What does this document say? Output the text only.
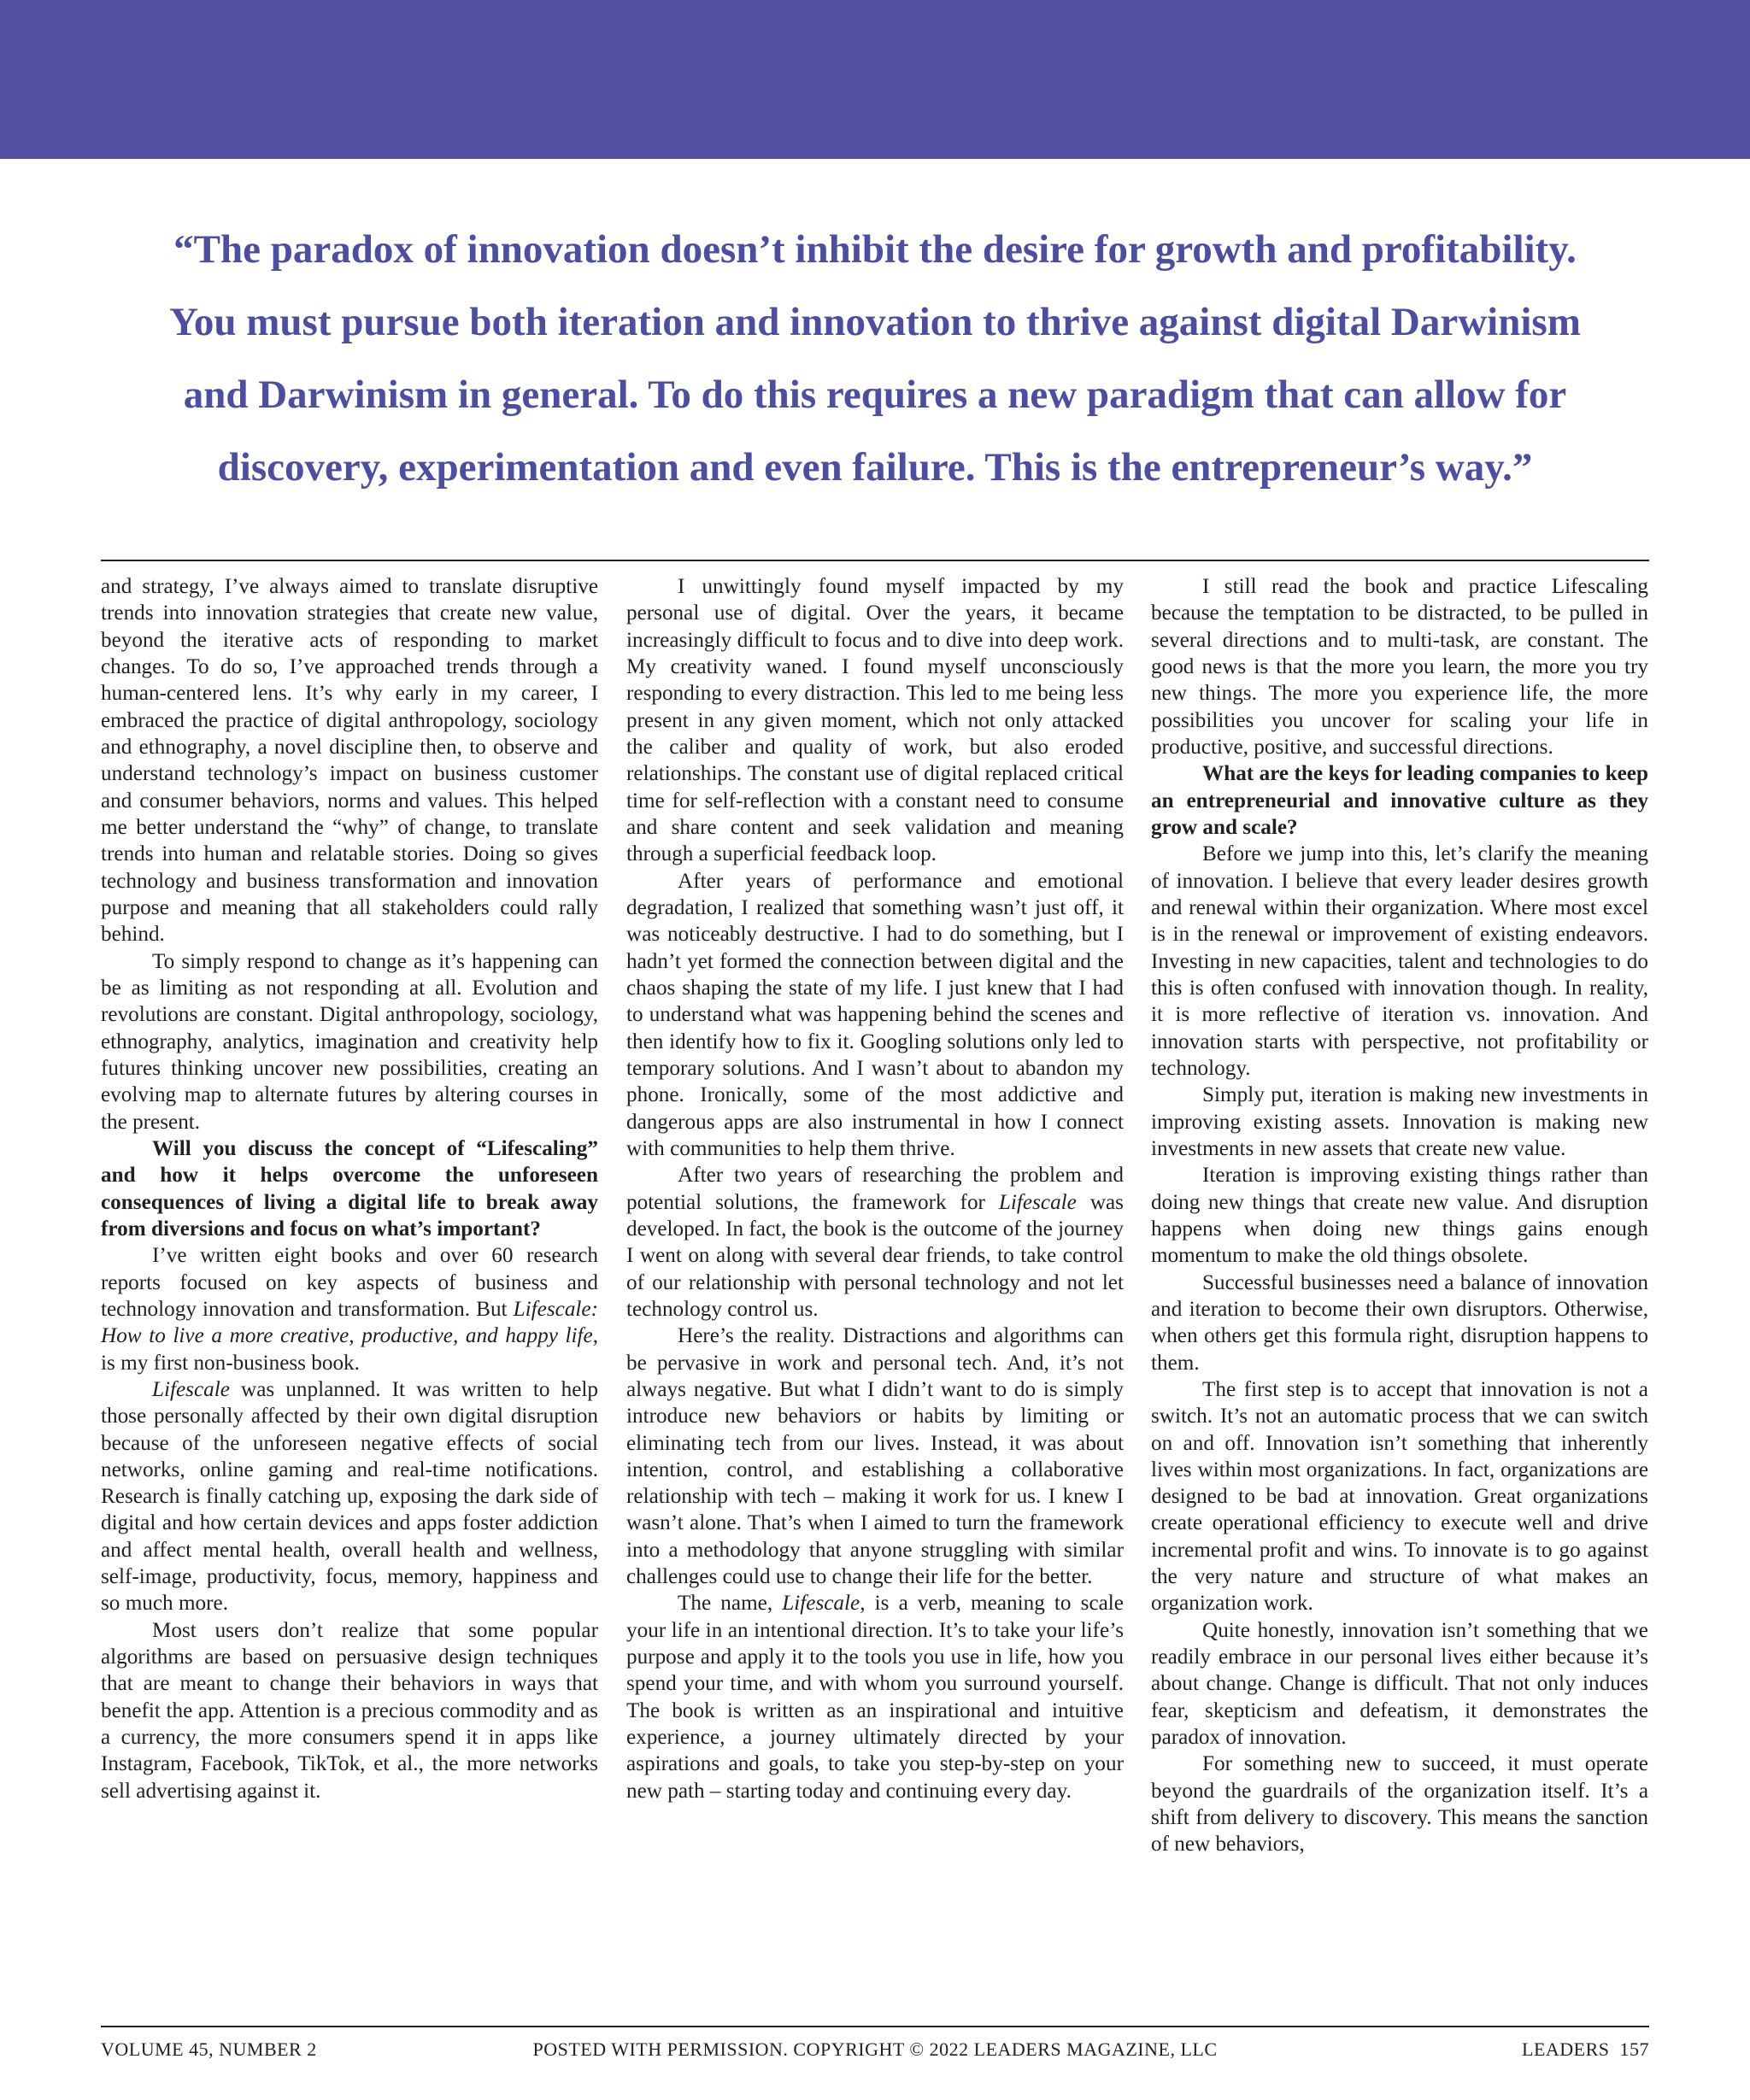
“The paradox of innovation doesn’t inhibit the desire for growth and profitability.
You must pursue both iteration and innovation to thrive against digital Darwinism
and Darwinism in general. To do this requires a new paradigm that can allow for
discovery, experimentation and even failure. This is the entrepreneur’s way.”

and strategy, I’ve always aimed to translate disruptive trends into innovation strategies that create new value, beyond the iterative acts of responding to market changes. To do so, I’ve approached trends through a human-centered lens. It’s why early in my career, I embraced the practice of digital anthropology, sociology and ethnography, a novel discipline then, to observe and understand technology’s impact on business customer and consumer behaviors, norms and values. This helped me better understand the “why” of change, to translate trends into human and relatable stories. Doing so gives technology and business transformation and innovation purpose and meaning that all stakeholders could rally behind.

To simply respond to change as it’s happening can be as limiting as not responding at all. Evolution and revolutions are constant. Digital anthropology, sociology, ethnography, analytics, imagination and creativity help futures thinking uncover new possibilities, creating an evolving map to alternate futures by altering courses in the present.

Will you discuss the concept of “Lifescaling” and how it helps overcome the unforeseen consequences of living a digital life to break away from diversions and focus on what’s important?

I’ve written eight books and over 60 research reports focused on key aspects of business and technology innovation and transformation. But Lifescale: How to live a more creative, productive, and happy life, is my first non-business book.

Lifescale was unplanned. It was written to help those personally affected by their own digital disruption because of the unforeseen negative effects of social networks, online gaming and real-time notifications. Research is finally catching up, exposing the dark side of digital and how certain devices and apps foster addiction and affect mental health, overall health and wellness, self-image, productivity, focus, memory, happiness and so much more.

Most users don’t realize that some popular algorithms are based on persuasive design techniques that are meant to change their behaviors in ways that benefit the app. Attention is a precious commodity and as a currency, the more consumers spend it in apps like Instagram, Facebook, TikTok, et al., the more networks sell advertising against it.

I unwittingly found myself impacted by my personal use of digital. Over the years, it became increasingly difficult to focus and to dive into deep work. My creativity waned. I found myself unconsciously responding to every distraction. This led to me being less present in any given moment, which not only attacked the caliber and quality of work, but also eroded relationships. The constant use of digital replaced critical time for self-reflection with a constant need to consume and share content and seek validation and meaning through a superficial feedback loop.

After years of performance and emotional degradation, I realized that something wasn’t just off, it was noticeably destructive. I had to do something, but I hadn’t yet formed the connection between digital and the chaos shaping the state of my life. I just knew that I had to understand what was happening behind the scenes and then identify how to fix it. Googling solutions only led to temporary solutions. And I wasn’t about to abandon my phone. Ironically, some of the most addictive and dangerous apps are also instrumental in how I connect with communities to help them thrive.

After two years of researching the problem and potential solutions, the framework for Lifescale was developed. In fact, the book is the outcome of the journey I went on along with several dear friends, to take control of our relationship with personal technology and not let technology control us.

Here’s the reality. Distractions and algorithms can be pervasive in work and personal tech. And, it’s not always negative. But what I didn’t want to do is simply introduce new behaviors or habits by limiting or eliminating tech from our lives. Instead, it was about intention, control, and establishing a collaborative relationship with tech – making it work for us. I knew I wasn’t alone. That’s when I aimed to turn the framework into a methodology that anyone struggling with similar challenges could use to change their life for the better.

The name, Lifescale, is a verb, meaning to scale your life in an intentional direction. It’s to take your life’s purpose and apply it to the tools you use in life, how you spend your time, and with whom you surround yourself. The book is written as an inspirational and intuitive experience, a journey ultimately directed by your aspirations and goals, to take you step-by-step on your new path – starting today and continuing every day.

I still read the book and practice Lifescaling because the temptation to be distracted, to be pulled in several directions and to multi-task, are constant. The good news is that the more you learn, the more you try new things. The more you experience life, the more possibilities you uncover for scaling your life in productive, positive, and successful directions.

What are the keys for leading companies to keep an entrepreneurial and innovative culture as they grow and scale?

Before we jump into this, let’s clarify the meaning of innovation. I believe that every leader desires growth and renewal within their organization. Where most excel is in the renewal or improvement of existing endeavors. Investing in new capacities, talent and technologies to do this is often confused with innovation though. In reality, it is more reflective of iteration vs. innovation. And innovation starts with perspective, not profitability or technology.

Simply put, iteration is making new investments in improving existing assets. Innovation is making new investments in new assets that create new value.

Iteration is improving existing things rather than doing new things that create new value. And disruption happens when doing new things gains enough momentum to make the old things obsolete.

Successful businesses need a balance of innovation and iteration to become their own disruptors. Otherwise, when others get this formula right, disruption happens to them.

The first step is to accept that innovation is not a switch. It’s not an automatic process that we can switch on and off. Innovation isn’t something that inherently lives within most organizations. In fact, organizations are designed to be bad at innovation. Great organizations create operational efficiency to execute well and drive incremental profit and wins. To innovate is to go against the very nature and structure of what makes an organization work.

Quite honestly, innovation isn’t something that we readily embrace in our personal lives either because it’s about change. Change is difficult. That not only induces fear, skepticism and defeatism, it demonstrates the paradox of innovation.

For something new to succeed, it must operate beyond the guardrails of the organization itself. It’s a shift from delivery to discovery. This means the sanction of new behaviors,

VOLUME 45, NUMBER 2	POSTED WITH PERMISSION. COPYRIGHT © 2022 LEADERS MAGAZINE, LLC	LEADERS  157
